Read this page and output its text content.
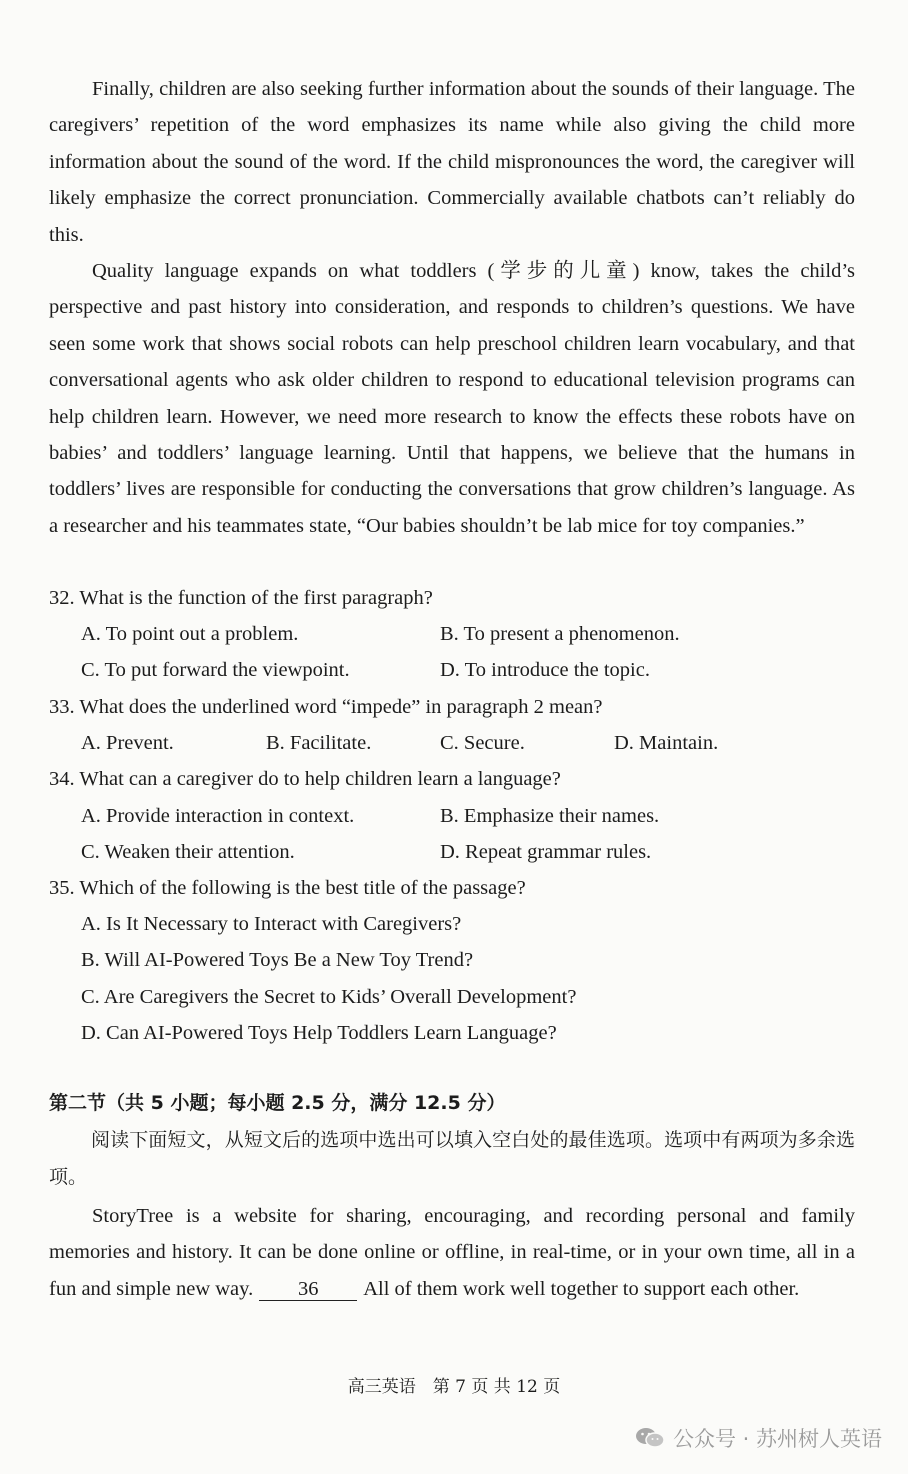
Finally, children are also seeking further information about the sounds of their language. The caregivers’ repetition of the word emphasizes its name while also giving the child more information about the sound of the word. If the child mispronounces the word, the caregiver will likely emphasize the correct pronunciation. Commercially available chatbots can’t reliably do this.

Quality language expands on what toddlers (学步的儿童) know, takes the child’s perspective and past history into consideration, and responds to children’s questions. We have seen some work that shows social robots can help preschool children learn vocabulary, and that conversational agents who ask older children to respond to educational television programs can help children learn. However, we need more research to know the effects these robots have on babies’ and toddlers’ language learning. Until that happens, we believe that the humans in toddlers’ lives are responsible for conducting the conversations that grow children’s language. As a researcher and his teammates state, “Our babies shouldn’t be lab mice for toy companies.”

32. What is the function of the first paragraph?

A. To point out a problem.	B. To present a phenomenon.

C. To put forward the viewpoint.	D. To introduce the topic.

33. What does the underlined word “impede” in paragraph 2 mean?

A. Prevent.	B. Facilitate.	C. Secure.	D. Maintain.

34. What can a caregiver do to help children learn a language?

A. Provide interaction in context.	B. Emphasize their names.

C. Weaken their attention.	D. Repeat grammar rules.

35. Which of the following is the best title of the passage?

A. Is It Necessary to Interact with Caregivers?

B. Will AI-Powered Toys Be a New Toy Trend?

C. Are Caregivers the Secret to Kids’ Overall Development?

D. Can AI-Powered Toys Help Toddlers Learn Language?

第二节（共 5 小题；每小题 2.5 分，满分 12.5 分）

阅读下面短文，从短文后的选项中选出可以填入空白处的最佳选项。选项中有两项为多余选项。

StoryTree is a website for sharing, encouraging, and recording personal and family memories and history. It can be done online or offline, in real-time, or in your own time, all in a fun and simple new way. 36 All of them work well together to support each other.

高三英语　第 7 页 共 12 页

公众号 · 苏州树人英语
